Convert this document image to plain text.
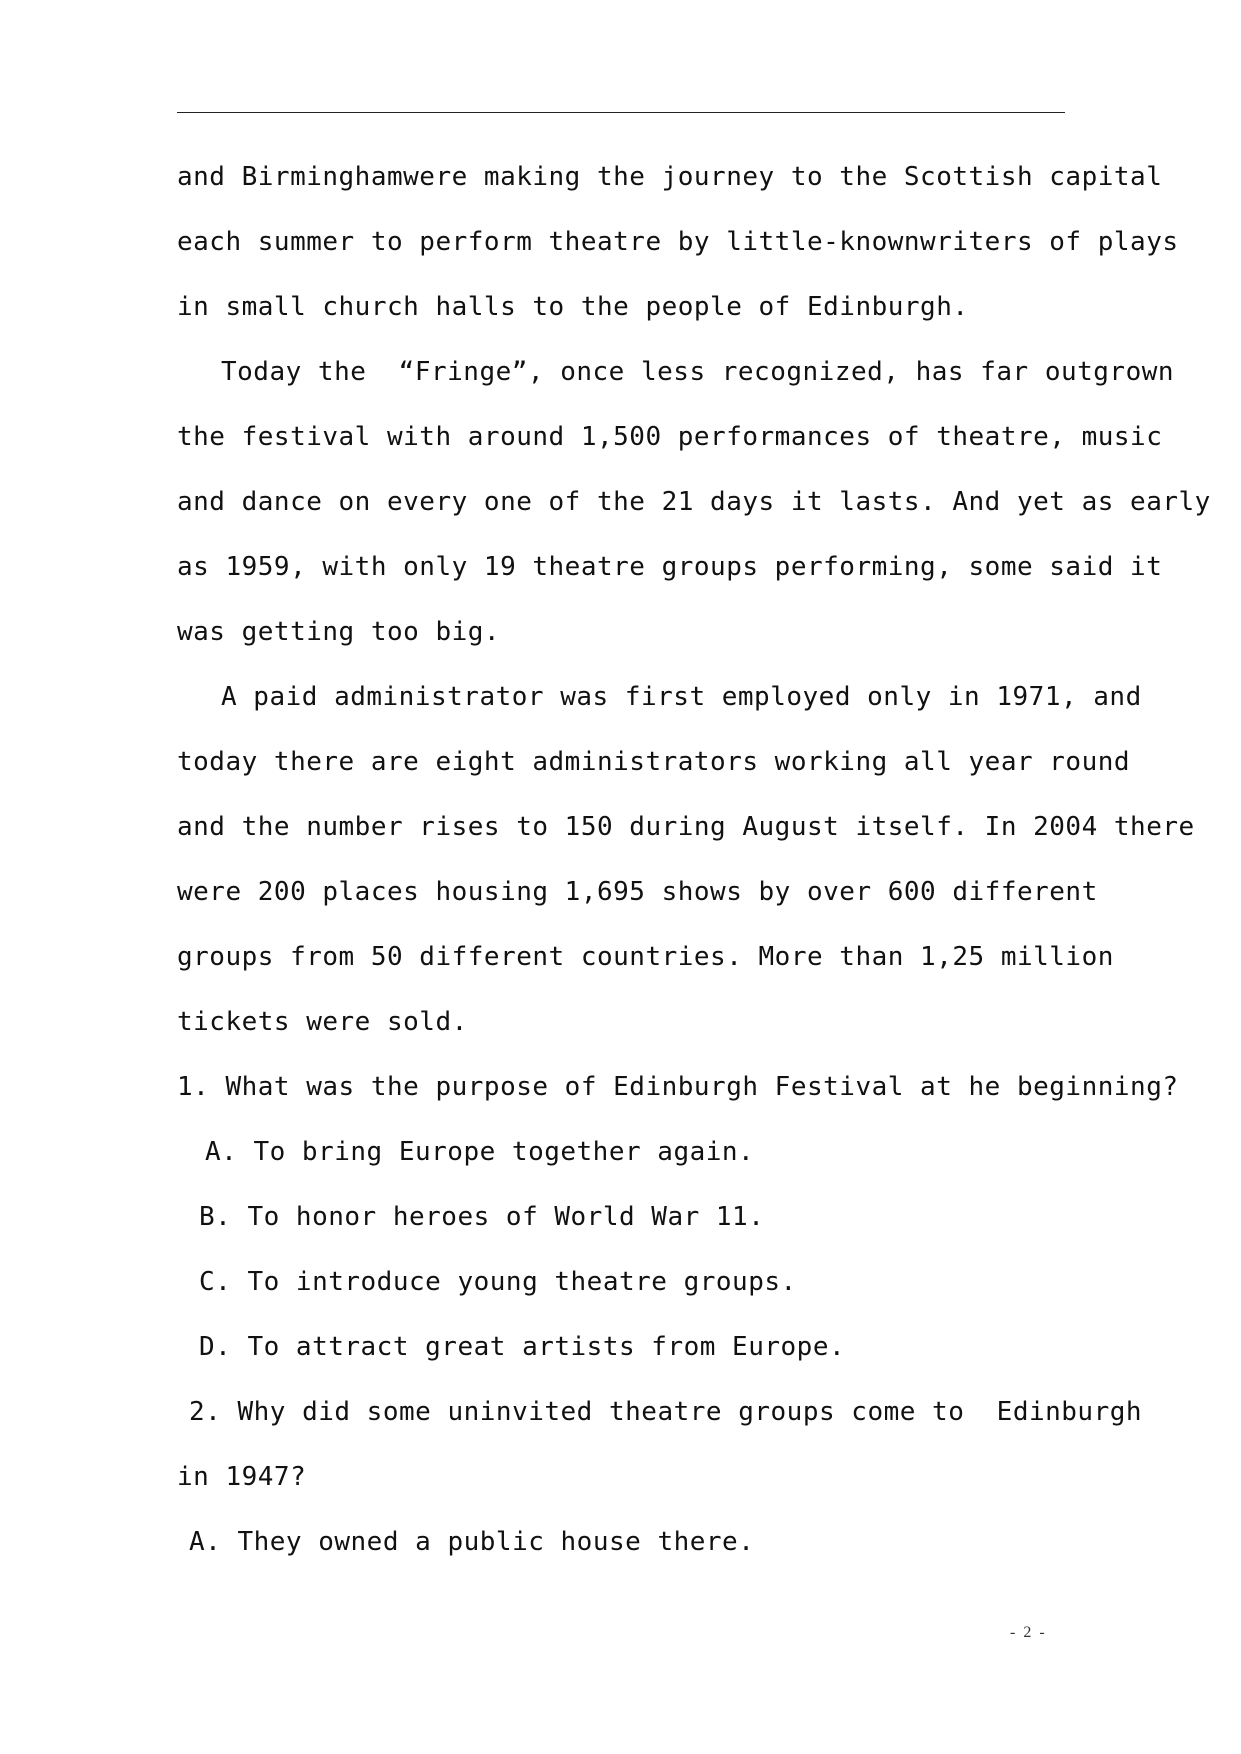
and Birminghamwere making the journey to the Scottish capital
each summer to perform theatre by little-knownwriters of plays
in small church halls to the people of Edinburgh.
Today the  “Fringe”, once less recognized, has far outgrown
the festival with around 1,500 performances of theatre, music
and dance on every one of the 21 days it lasts. And yet as early
as 1959, with only 19 theatre groups performing, some said it
was getting too big.
A paid administrator was first employed only in 1971, and
today there are eight administrators working all year round
and the number rises to 150 during August itself. In 2004 there
were 200 places housing 1,695 shows by over 600 different
groups from 50 different countries. More than 1,25 million
tickets were sold.
1. What was the purpose of Edinburgh Festival at he beginning?
A. To bring Europe together again.
B. To honor heroes of World War 11.
C. To introduce young theatre groups.
D. To attract great artists from Europe.
2. Why did some uninvited theatre groups come to  Edinburgh
in 1947?
A. They owned a public house there.
- 2 -
